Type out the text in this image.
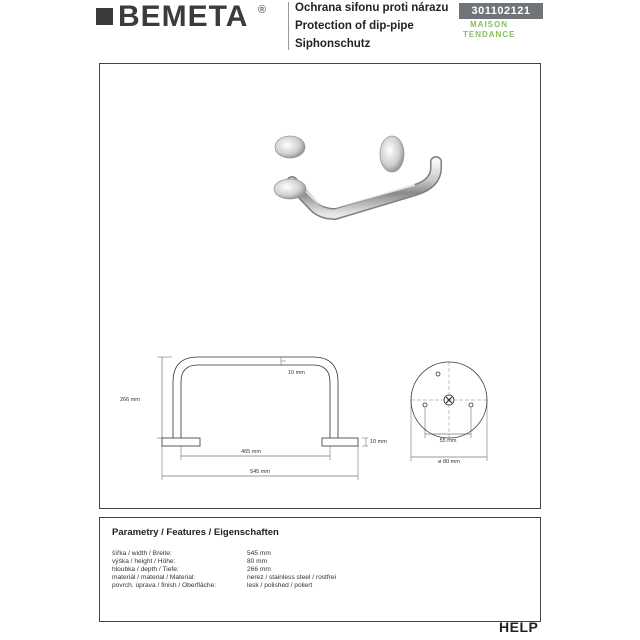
BEMETA ®	Ochrana sifonu proti nárazu
Protection of dip-pipe
Siphonschutz
301102121
MAISON
TENDANCE
266 mm
10 mm
10 mm
465 mm
545 mm
55 mm
ø 80 mm
Parametry / Features / Eigenschaften
šířka / width / Breite:	545 mm
výška / height / Höhe:	80 mm
hloubka / depth / Tiefe:	266 mm
materiál / material / Material:	nerez / stainless steel / rostfrei
povrch. úprava / finish / Oberfläche:	lesk / polished / poliert
HELP
